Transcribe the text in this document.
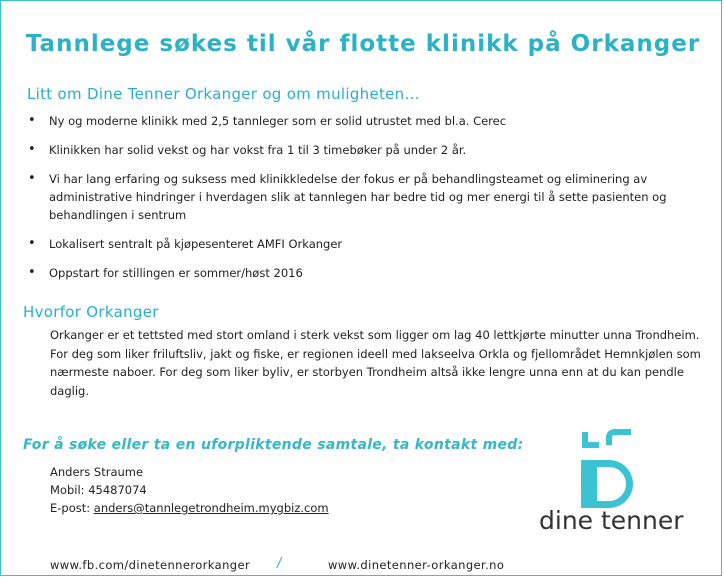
Tannlege søkes til vår flotte klinikk på Orkanger
Litt om Dine Tenner Orkanger og om muligheten...
• Ny og moderne klinikk med 2,5 tannleger som er solid utrustet med bl.a. Cerec
• Klinikken har solid vekst og har vokst fra 1 til 3 timebøker på under 2 år.
• Vi har lang erfaring og suksess med klinikkledelse der fokus er på behandlingsteamet og eliminering av administrative hindringer i hverdagen slik at tannlegen har bedre tid og mer energi til å sette pasienten og behandlingen i sentrum
• Lokalisert sentralt på kjøpesenteret AMFI Orkanger
• Oppstart for stillingen er sommer/høst 2016
Hvorfor Orkanger

Orkanger er et tettsted med stort omland i sterk vekst som ligger om lag 40 lettkjørte minutter unna Trondheim. For deg som liker friluftsliv, jakt og fiske, er regionen ideell med lakseelva Orkla og fjellområdet Hemnkjølen som nærmeste naboer. For deg som liker byliv, er storbyen Trondheim altså ikke lengre unna enn at du kan pendle daglig.

For å søke eller ta en uforpliktende samtale, ta kontakt med:
Anders Straume
Mobil: 45487074
E-post: anders@tannlegetrondheim.mygbiz.com	dine tenner
www.fb.com/dinetennerorkanger /	www.dinetenner-orkanger.no
